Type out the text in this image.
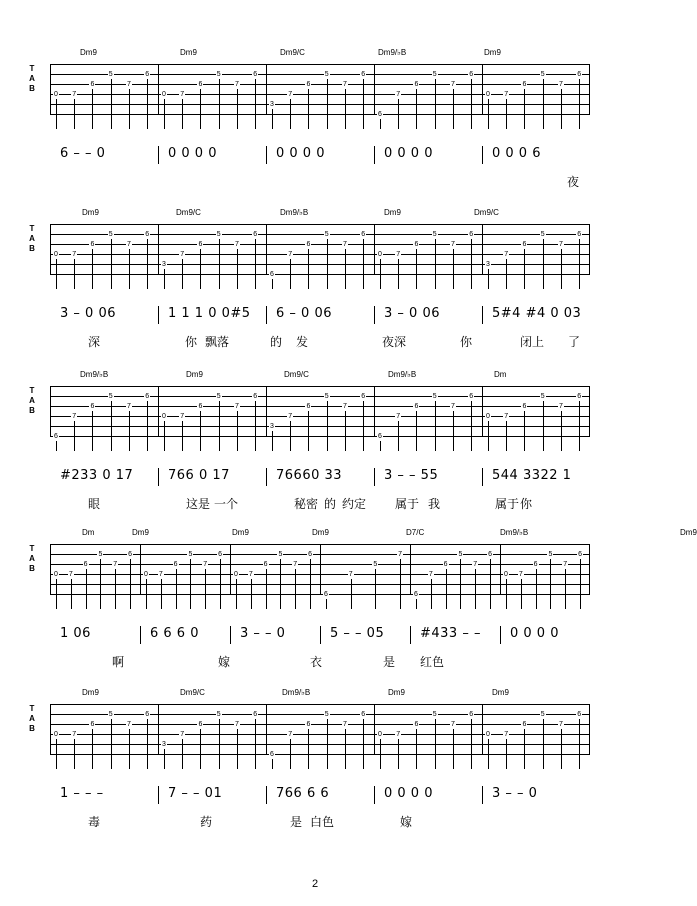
Dm9	Dm9	Dm9/C	Dm9/♭B	Dm9
0 7
6
5
7
6
0 7
6
5
7
6
3
7
6
5
7
6
6
7
6
5
7
6
0 7
6
5
7
6
T
A
B
6 – – 0	0 0 0 0	0 0 0 0	0 0 0 0	0 0 0 6
夜
Dm9	Dm9/C	Dm9/♭B	Dm9	Dm9/C
0 7
6
5
7
6
3
7
6
5
7
6
6
7
6
5
7
6
0 7
6
5
7
6
3
7
6
5
7
6
T
A
B
3 – 0 06	1 1 1 0 0#5 6 – 0 06	3 – 0 06	5#4 #4 0 03
深	你 飘落	的 发	夜深	你	闭上 了
Dm9/♭B	Dm9	Dm9/C	Dm9/♭B	Dm
6
7
6
5
7
6
0 7
6
5
7
6
3
7
6
5
7
6
6
7
6
5
7
6
0 7
6
5
7
6
T
A
B
#233 0 17	766 0 17	76660 33	3 – – 55	544 3322 1
眼	这是 一个	秘密 的 约定 属于 我	属于 你
Dm	Dm9	Dm9	Dm9	D7/C	Dm9/♭B	Dm9
0 7
6
5
7
6
0 7
6
5
7
6
0 7
6
5
7
6
6
7
5
7
6
7
6
5
7
6
0 7
6
5
7
6
T
A
B
1 06	6 6 6 0	3 – – 0	5 – – 05	#433 – – 0 0 0 0
啊	嫁	衣	是 红色
Dm9	Dm9/C	Dm9/♭B	Dm9	Dm9
0 7
6
5
7
6
3
7
6
5
7
6
6
7
6
5
7
6
0 7
6
5
7
6
0 7
6
5
7
6
T
A
B
1 – – –	7 – – 01	766 6 6	0 0 0 0	3 – – 0
毒	药	是 白色	嫁
2
